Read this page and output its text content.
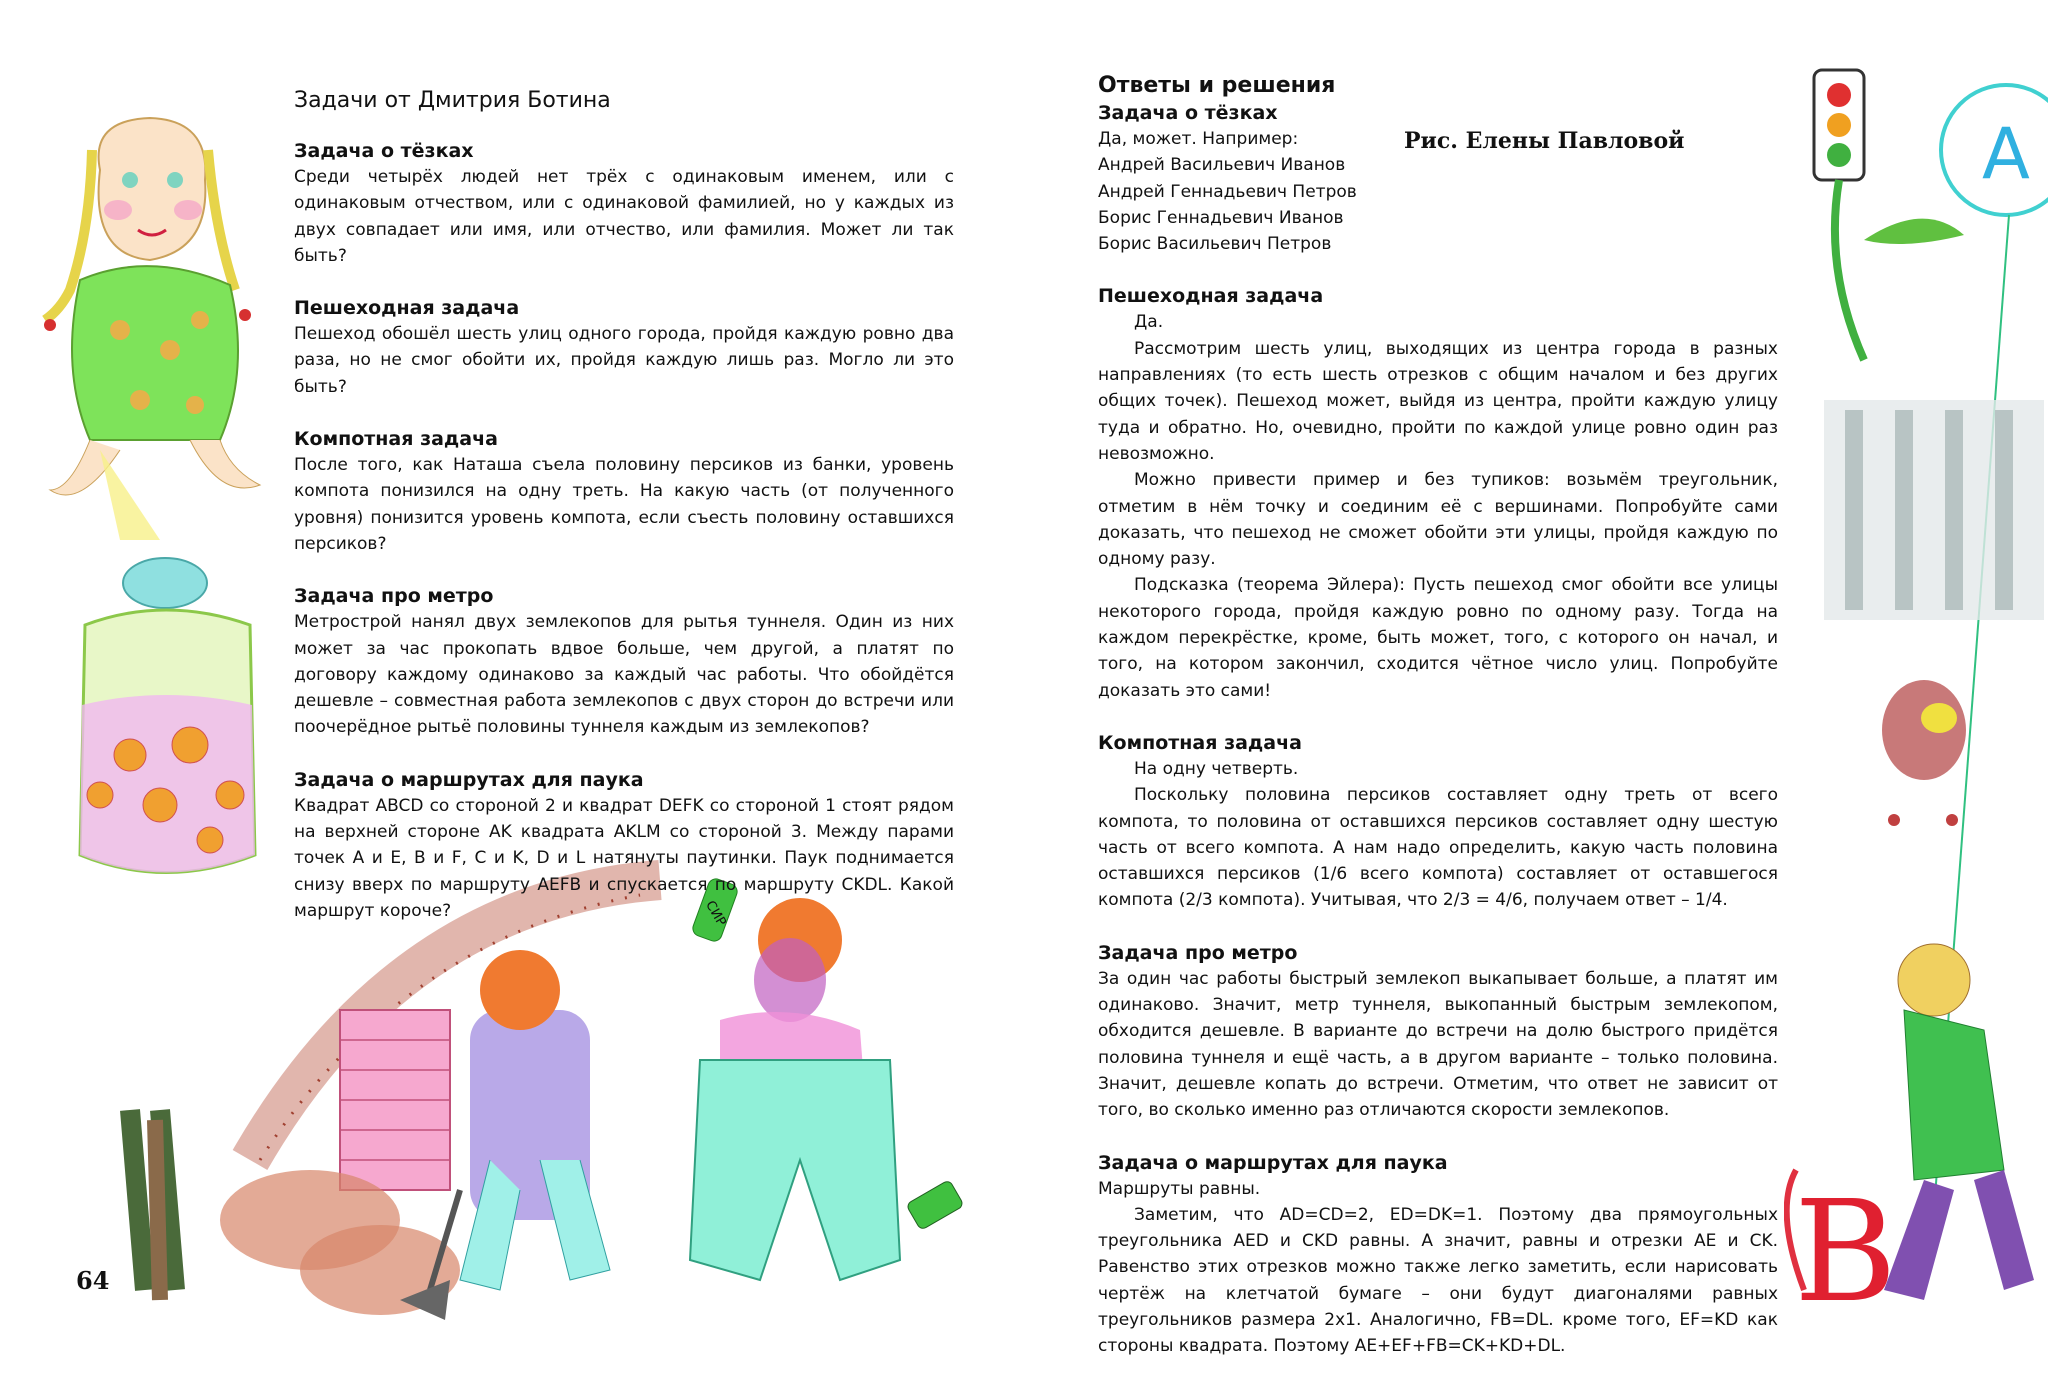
СИР
Задачи от Дмитрия Ботина
Задача о тёзках

Среди четырёх людей нет трёх с одинаковым именем, или с одинаковым отчеством, или с одинаковой фамилией, но у каждых из двух совпадает или имя, или отчество, или фамилия. Может ли так быть?

Пешеходная задача

Пешеход обошёл шесть улиц одного города, пройдя каждую ровно два раза, но не смог обойти их, пройдя каждую лишь раз. Могло ли это быть?

Компотная задача

После того, как Наташа съела половину персиков из банки, уровень компота понизился на одну треть. На какую часть (от полученного уровня) понизится уровень компота, если съесть половину оставшихся персиков?

Задача про метро

Метрострой нанял двух землекопов для рытья туннеля. Один из них может за час прокопать вдвое больше, чем другой, а платят по договору каждому одинаково за каждый час работы. Что обойдётся дешевле – совместная работа землекопов с двух сторон до встречи или поочерёдное рытьё половины туннеля каждым из землекопов?

Задача о маршрутах для паука

Квадрат ABCD со стороной 2 и квадрат DEFK со стороной 1 стоят рядом на верхней стороне AK квадрата AKLM со стороной 3. Между парами точек A и E, B и F, C и K, D и L натянуты паутинки. Паук поднимается снизу вверх по маршруту AEFB и спускается по маршруту CKDL. Какой маршрут короче?

64
A
B
Рис. Елены Павловой
Ответы и решения
Задача о тёзках

Да, может. Например:

Андрей Васильевич Иванов

Андрей Геннадьевич Петров

Борис Геннадьевич Иванов

Борис Васильевич Петров

Пешеходная задача

Да.

Рассмотрим шесть улиц, выходящих из центра города в разных направлениях (то есть шесть отрезков с общим началом и без других общих точек). Пешеход может, выйдя из центра, пройти каждую улицу туда и обратно. Но, очевидно, пройти по каждой улице ровно один раз невозможно.

Можно привести пример и без тупиков: возьмём треугольник, отметим в нём точку и соединим её с вершинами. Попробуйте сами доказать, что пешеход не сможет обойти эти улицы, пройдя каждую по одному разу.

Подсказка (теорема Эйлера): Пусть пешеход смог обойти все улицы некоторого города, пройдя каждую ровно по одному разу. Тогда на каждом перекрёстке, кроме, быть может, того, с которого он начал, и того, на котором закончил, сходится чётное число улиц. Попробуйте доказать это сами!

Компотная задача

На одну четверть.

Поскольку половина персиков составляет одну треть от всего компота, то половина от оставшихся персиков составляет одну шестую часть от всего компота. А нам надо определить, какую часть половина оставшихся персиков (1/6 всего компота) составляет от оставшегося компота (2/3 компота). Учитывая, что 2/3 = 4/6, получаем ответ – 1/4.

Задача про метро

За один час работы быстрый землекоп выкапывает больше, а платят им одинаково. Значит, метр туннеля, выкопанный быстрым землекопом, обходится дешевле. В варианте до встречи на долю быстрого придётся половина туннеля и ещё часть, а в другом варианте – только половина. Значит, дешевле копать до встречи. Отметим, что ответ не зависит от того, во сколько именно раз отличаются скорости землекопов.

Задача о маршрутах для паука

Маршруты равны.

Заметим, что AD=CD=2, ED=DK=1. Поэтому два прямоугольных треугольника AED и CKD равны. А значит, равны и отрезки AE и CK. Равенство этих отрезков можно также легко заметить, если нарисовать чертёж на клетчатой бумаге – они будут диагоналями равных треугольников размера 2x1. Аналогично, FB=DL. кроме того, EF=KD как стороны квадрата. Поэтому AE+EF+FB=CK+KD+DL.
